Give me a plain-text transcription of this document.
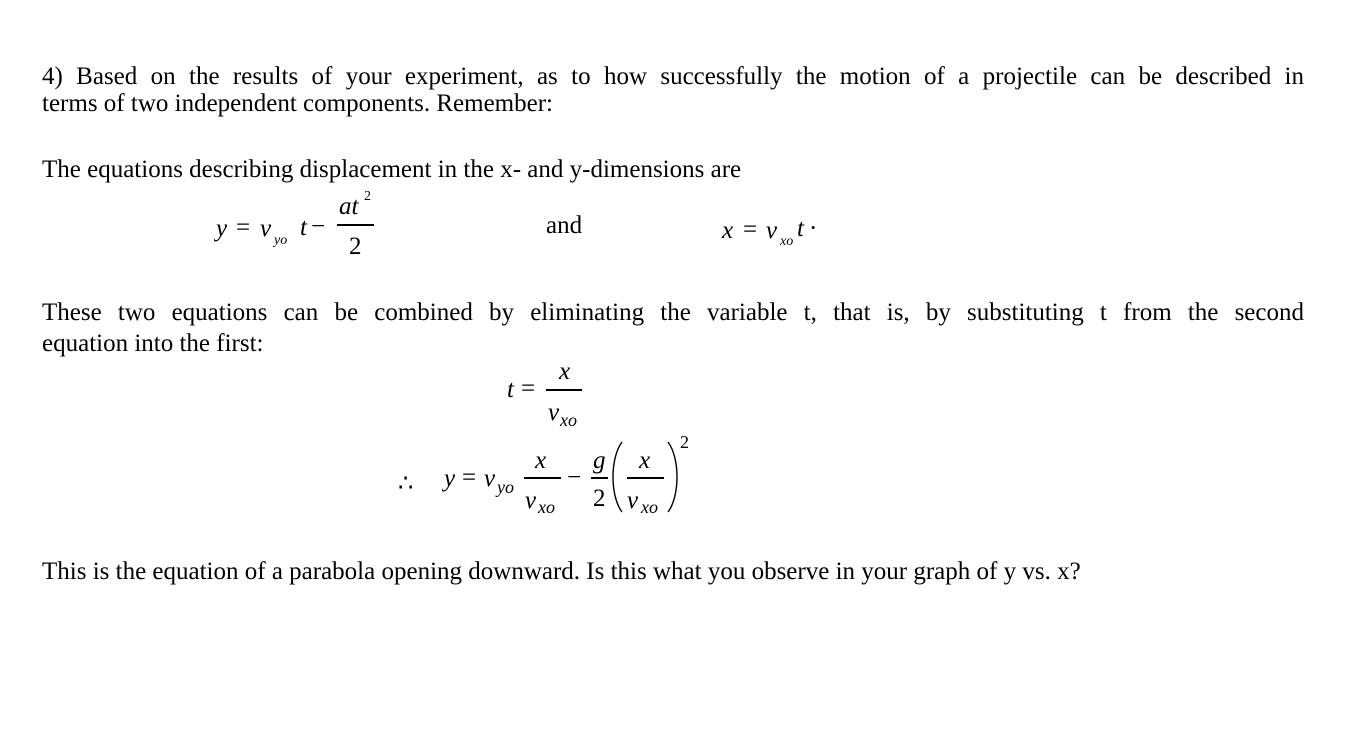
4) Based on the results of your experiment, as to how successfully the motion of a projectile can be described in
terms of two independent components. Remember:
The equations describing displacement in the x- and y-dimensions are
y = v yo t −
at 2
2
and	x = v xo t ·
These two equations can be combined by eliminating the variable t, that is, by substituting t from the second
equation into the first:
t =
x
v xo
∴ y = v yo
x
v xo
−
g
2
x
v xo
2
This is the equation of a parabola opening downward. Is this what you observe in your graph of y vs. x?
